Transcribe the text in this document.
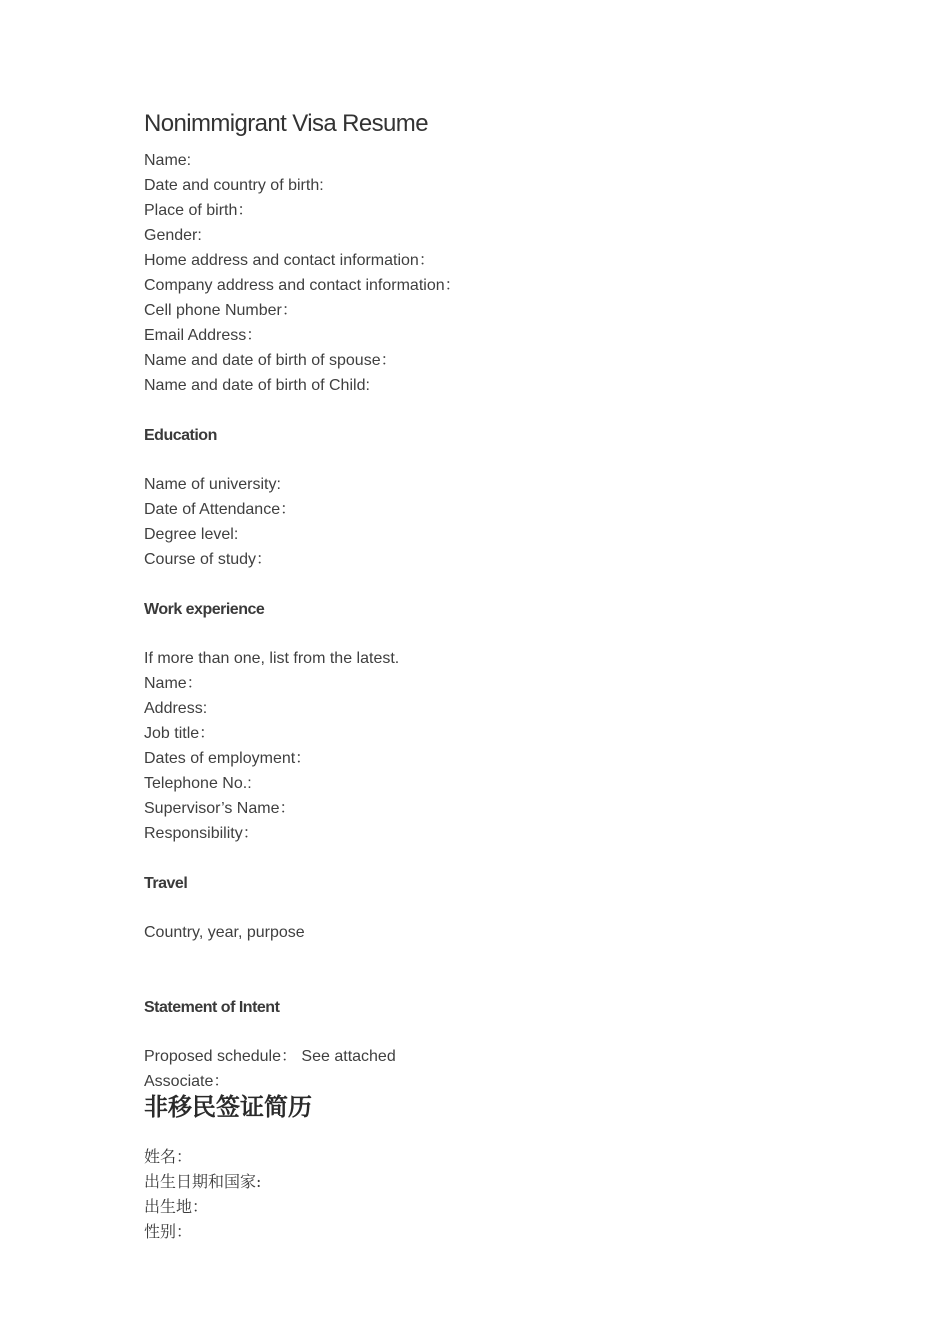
Nonimmigrant Visa Resume
Name:
Date and country of birth:
Place of birth：
Gender:
Home address and contact information：
Company address and contact information：
Cell phone Number：
Email Address：
Name and date of birth of spouse：
Name and date of birth of Child:
Education
Name of university:
Date of Attendance：
Degree level:
Course of study：
Work experience
If more than one, list from the latest.
Name：
Address:
Job title：
Dates of employment：
Telephone No.:
Supervisor’s Name：
Responsibility：
Travel
Country, year, purpose
Statement of Intent
Proposed schedule： See attached
Associate：
非移民签证简历
姓名：
出生日期和国家:
出生地：
性别：
